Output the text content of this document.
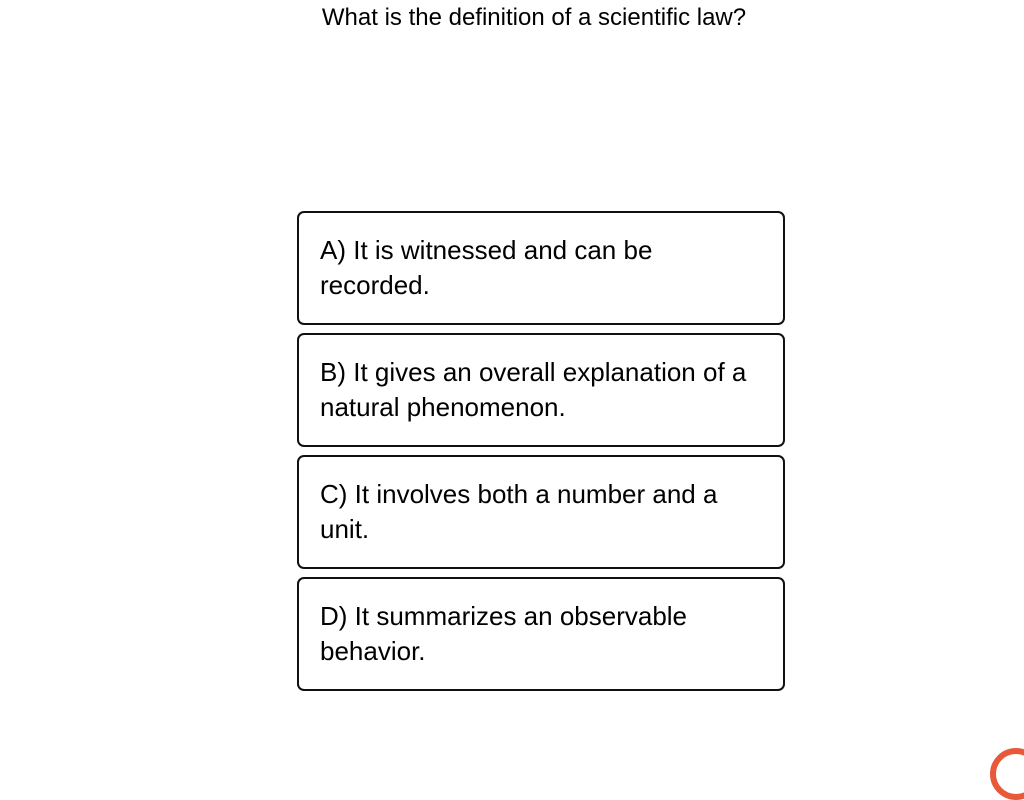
What is the definition of a scientific law?
A) It is witnessed and can be recorded.
B) It gives an overall explanation of a natural phenomenon.
C) It involves both a number and a unit.
D) It summarizes an observable behavior.
